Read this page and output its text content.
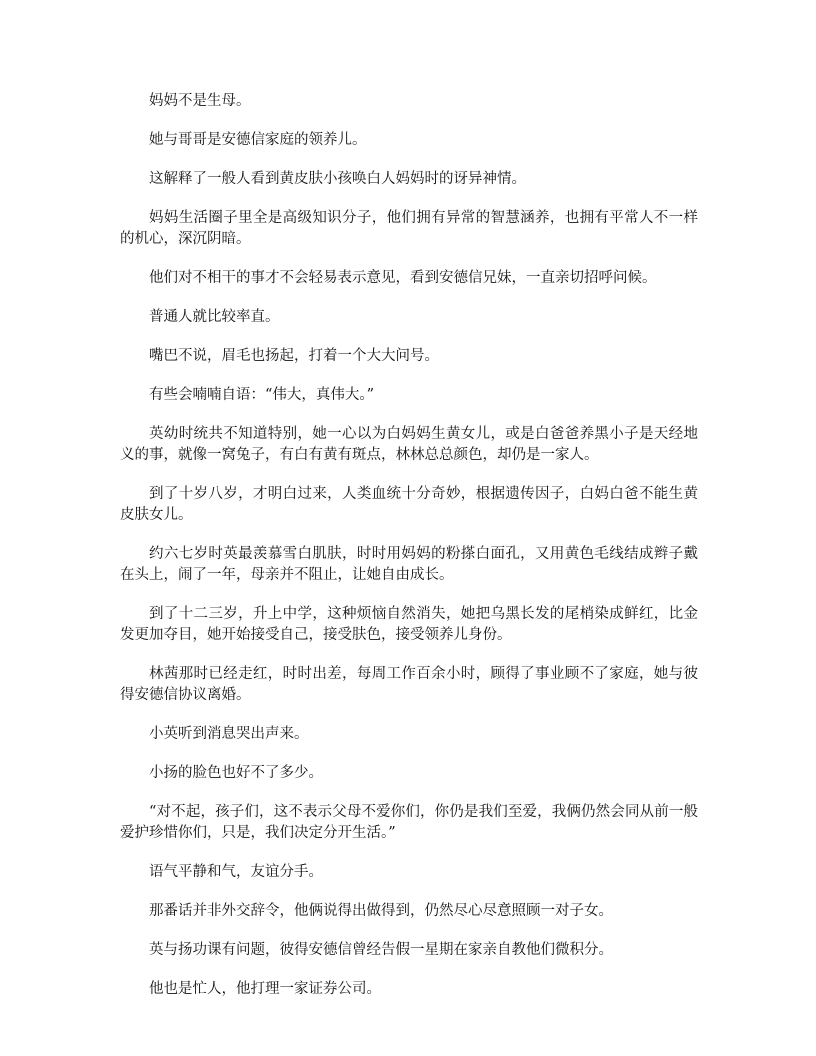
妈妈不是生母。

她与哥哥是安德信家庭的领养儿。

这解释了一般人看到黄皮肤小孩唤白人妈妈时的讶异神情。

妈妈生活圈子里全是高级知识分子，他们拥有异常的智慧涵养，也拥有平常人不一样的机心，深沉阴暗。

他们对不相干的事才不会轻易表示意见，看到安德信兄妹，一直亲切招呼问候。

普通人就比较率直。

嘴巴不说，眉毛也扬起，打着一个大大问号。

有些会喃喃自语：“伟大，真伟大。”

英幼时统共不知道特别，她一心以为白妈妈生黄女儿，或是白爸爸养黑小子是天经地义的事，就像一窝兔子，有白有黄有斑点，林林总总颜色，却仍是一家人。

到了十岁八岁，才明白过来，人类血统十分奇妙，根据遗传因子，白妈白爸不能生黄皮肤女儿。

约六七岁时英最羡慕雪白肌肤，时时用妈妈的粉搽白面孔，又用黄色毛线结成辫子戴在头上，闹了一年，母亲并不阻止，让她自由成长。

到了十二三岁，升上中学，这种烦恼自然消失，她把乌黑长发的尾梢染成鲜红，比金发更加夺目，她开始接受自己，接受肤色，接受领养儿身份。

林茜那时已经走红，时时出差，每周工作百余小时，顾得了事业顾不了家庭，她与彼得安德信协议离婚。

小英听到消息哭出声来。

小扬的脸色也好不了多少。

“对不起，孩子们，这不表示父母不爱你们，你仍是我们至爱，我俩仍然会同从前一般爱护珍惜你们，只是，我们决定分开生活。”

语气平静和气，友谊分手。

那番话并非外交辞令，他俩说得出做得到，仍然尽心尽意照顾一对子女。

英与扬功课有问题，彼得安德信曾经告假一星期在家亲自教他们微积分。

他也是忙人，他打理一家证券公司。
